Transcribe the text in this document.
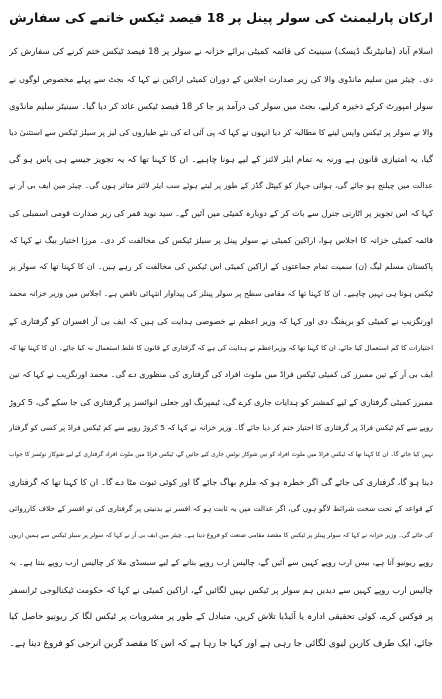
ارکان پارلیمنٹ کی سولر پینل پر 18 فیصد ٹیکس خاتمے کی سفارش
اسلام آباد (مانیٹرنگ ڈیسک) سینیٹ کی قائمہ کمیٹی برائے خزانہ نے سولر پر 18 فیصد ٹیکس ختم کرنے کی سفارش کر
دی۔ چیئر مین سلیم مانڈوی والا کی زیر صدارت اجلاس کے دوران کمیٹی اراکین نے کہا کہ بجٹ سے پہلے مخصوص لوگوں نے
سولر امپورٹ کرکے ذخیرہ کرلیے، بجٹ میں سولر کی درآمد پر جا کر 18 فیصد ٹیکس عائد کر دیا گیا۔ سینیٹر سلیم مانڈوی
والا نے سولر پر ٹیکس واپس لینے کا مطالبہ کر دیا انہوں نے کہا کہ پی آئی اے کی نئے طیاروں کی لیز پر سیلز ٹیکس سے استثنیٰ دیا
گیا، یہ امتیازی قانون ہے ورنہ یہ تمام ایئر لائنز کے لیے ہونا چاہیے۔ ان کا کہنا تھا کہ یہ تجویز جیسے ہی پاس ہو گی
عدالت میں چیلنج ہو جائے گی، ہوائی جہاز کو کیپٹل گڈز کے طور پر لیتے ہوئے سب ایئر لائنز متاثر ہوں گی۔ چیئر مین ایف بی آر نے
کہا کہ اس تجویز پر اٹارنی جنرل سے بات کر کے دوبارہ کمیٹی میں آئیں گے۔ سید نوید قمر کی زیر صدارت قومی اسمبلی کی
قائمہ کمیٹی خزانہ کا اجلاس ہوا، اراکین کمیٹی نے سولر پینل پر سیلز ٹیکس کی مخالفت کر دی۔ مرزا اختیار بیگ نے کہا کہ
پاکستان مسلم لیگ (ن) سمیت تمام جماعتوں کے اراکین کمیٹی اس ٹیکس کی مخالفت کر رہے ہیں۔ ان کا کہنا تھا کہ سولر پر
ٹیکس ہونا ہی نہیں چاہیے۔ ان کا کہنا تھا کہ مقامی سطح پر سولر پینلز کی پیداوار انتہائی ناقص ہے۔ اجلاس میں وزیر خزانہ محمد
اورنگزیب نے کمیٹی کو بریفنگ دی اور کہا کہ وزیر اعظم نے خصوصی ہدایت کی ہیں کہ ایف بی آر افسران کو گرفتاری کے
اختیارات کا کم استعمال کیا جائے، ان کا کہنا تھا کہ وزیراعظم نے ہدایت کی ہے کہ گرفتاری کے قانون کا غلط استعمال نہ کیا جائے۔ ان کا کہنا تھا کہ
ایف بی آر کے تین ممبرز کی کمیٹی ٹیکس فراڈ میں ملوث افراد کی گرفتاری کی منظوری دے گی۔ محمد اورنگزیب نے کہا کہ تین
ممبرز کمیٹی گرفتاری کے لیے کمشنر کو ہدایات جاری کرے گی، ٹیمپرنگ اور جعلی انوائسز پر گرفتاری کی جا سکے گی، 5 کروڑ
روپے سے کم ٹیکس فراڈ پر گرفتاری کا اختیار ختم کر دیا جائے گا۔ وزیر خزانہ نے کہا کہ 5 کروڑ روپے سے کم ٹیکس فراڈ پر کسی کو گرفتار
نہیں کیا جائے گا۔ ان کا کہنا تھا کہ ٹیکس فراڈ میں ملوث افراد کو تین شوکاز نوٹس جاری کیے جائیں گے، ٹیکس فراڈ میں ملوث افراد گرفتاری کے لیے شوکاز نوٹسز کا جواب
دینا ہو گا، گرفتاری کی جائے گی اگر خطرہ ہو کہ ملزم بھاگ جائے گا اور کوئی ثبوت مٹا دے گا۔ ان کا کہنا تھا کہ گرفتاری
کے قواعد کے تحت سخت شرائط لاگو ہوں گی، اگر عدالت میں یہ ثابت ہو کہ افسر نے بدنیتی پر گرفتاری کی تو افسر کے خلاف کارروائی
کی جائے گی۔ وزیر خزانہ نے کہا کہ سولر پینلز پر ٹیکس کا مقصد مقامی صنعت کو فروغ دینا ہے۔ چیئر مین ایف بی آر نے کہا کہ سولر پر سیلز ٹیکس سے ہمیں اربوں
روپے ریونیو آنا ہے، بیس ارب روپے کہیں سے آئیں گے، چالیس ارب روپے بنانے کے لیے سبسڈی ملا کر چالیس ارب روپے بنتا ہے۔ یہ
چالیس ارب روپے کہیں سے دیدیں ہم سولر پر ٹیکس نہیں لگائیں گے، اراکین کمیٹی نے کہا کہ حکومت ٹیکنالوجی ٹرانسفر
پر فوکس کرے، کوئی تحقیقی ادارہ یا آئیڈیا تلاش کریں، متبادل کے طور پر مشروبات پر ٹیکس لگا کر ریونیو حاصل کیا
جائے، ایک طرف کاربن لیوی لگائی جا رہی ہے اور کہا جا رہا ہے کہ اس کا مقصد گرین انرجی کو فروغ دینا ہے۔
